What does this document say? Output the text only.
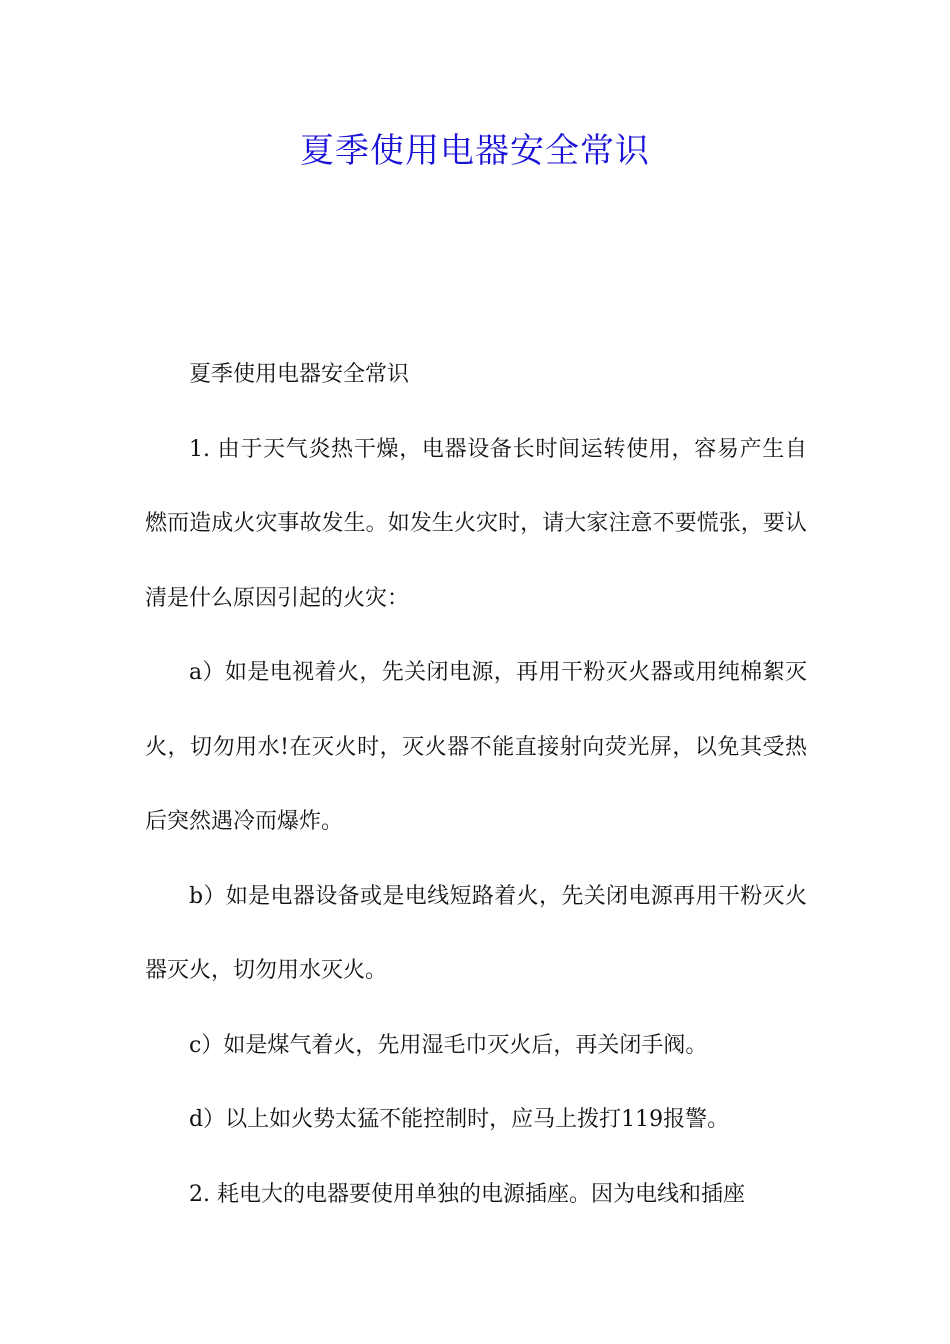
夏季使用电器安全常识

夏季使用电器安全常识

1. 由于天气炎热干燥，电器设备长时间运转使用，容易产生自燃而造成火灾事故发生。如发生火灾时，请大家注意不要慌张，要认清是什么原因引起的火灾：

a）如是电视着火，先关闭电源，再用干粉灭火器或用纯棉絮灭火，切勿用水!在灭火时，灭火器不能直接射向荧光屏，以免其受热后突然遇冷而爆炸。

b）如是电器设备或是电线短路着火，先关闭电源再用干粉灭火器灭火，切勿用水灭火。

c）如是煤气着火，先用湿毛巾灭火后，再关闭手阀。

d）以上如火势太猛不能控制时，应马上拨打119报警。

2. 耗电大的电器要使用单独的电源插座。因为电线和插座
